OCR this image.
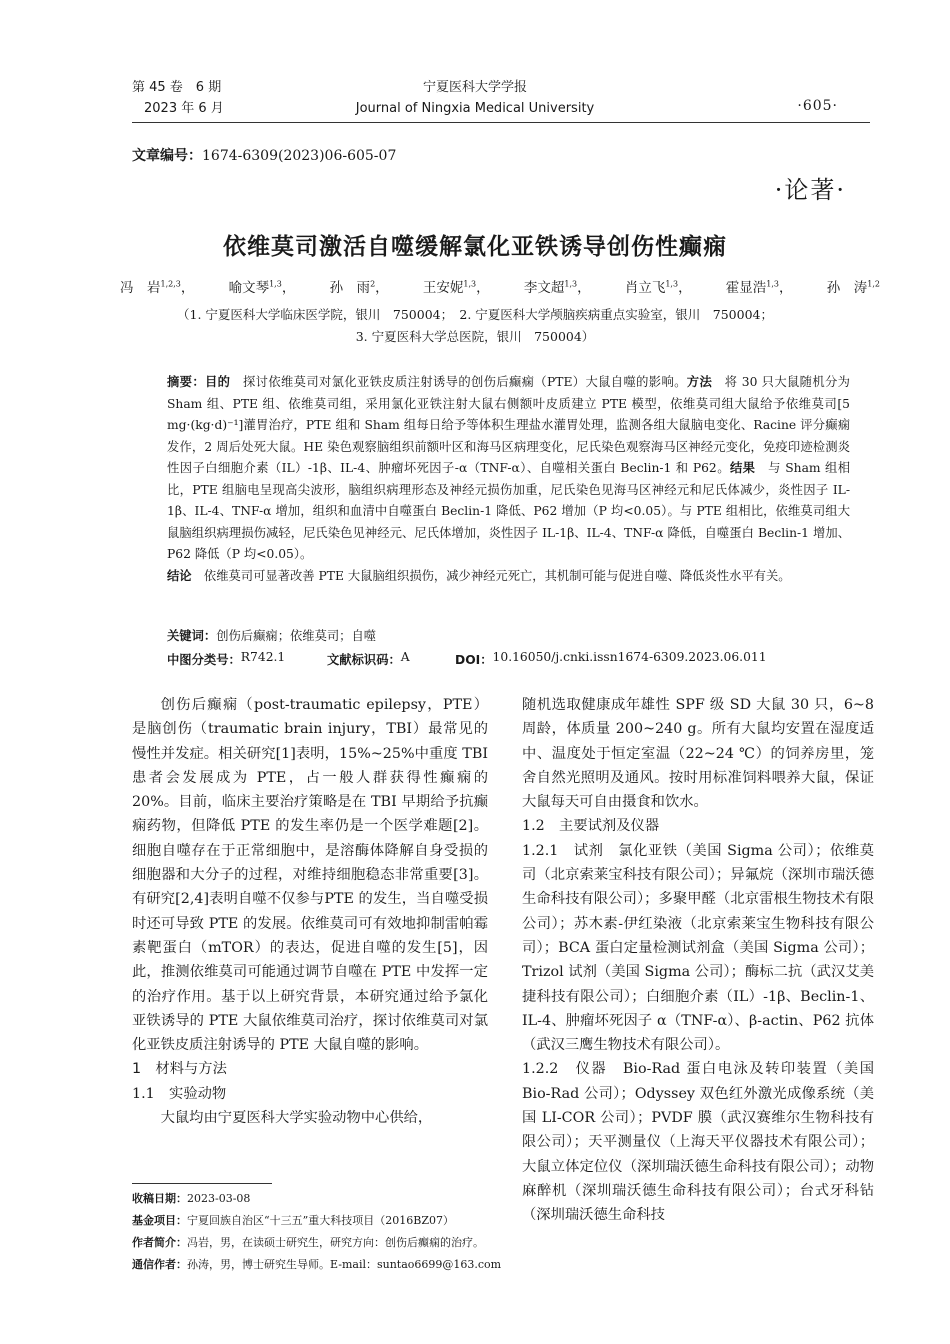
第 45 卷　6 期
2023 年 6 月
宁夏医科大学学报
Journal of Ningxia Medical University	·605·
文章编号：1674-6309(2023)06-605-07
·论著·
依维莫司激活自噬缓解氯化亚铁诱导创伤性癫痫
冯　岩$^{1,2,3}$，	喻文琴$^{1,3}$，	孙　雨$^2$，	王安妮$^{1,3}$，	李文超$^{1,3}$，	肖立飞$^{1,3}$，	霍显浩$^{1,3}$，	孙　涛$^{1,2}$
（1. 宁夏医科大学临床医学院，银川　750004；　2. 宁夏医科大学颅脑疾病重点实验室，银川　750004；
3. 宁夏医科大学总医院，银川　750004）

摘要：目的　探讨依维莫司对氯化亚铁皮质注射诱导的创伤后癫痫（PTE）大鼠自噬的影响。方法　将 30 只大鼠随机分为 Sham 组、PTE 组、依维莫司组，采用氯化亚铁注射大鼠右侧额叶皮质建立 PTE 模型，依维莫司组大鼠给予依维莫司[5 mg·(kg·d)⁻¹]灌胃治疗，PTE 组和 Sham 组每日给予等体积生理盐水灌胃处理，监测各组大鼠脑电变化、Racine 评分癫痫发作，2 周后处死大鼠。HE 染色观察脑组织前额叶区和海马区病理变化，尼氏染色观察海马区神经元变化，免疫印迹检测炎性因子白细胞介素（IL）-1β、IL-4、肿瘤坏死因子-α（TNF-α）、自噬相关蛋白 Beclin-1 和 P62。结果　与 Sham 组相比，PTE 组脑电呈现高尖波形，脑组织病理形态及神经元损伤加重，尼氏染色见海马区神经元和尼氏体减少，炎性因子 IL-1β、IL-4、TNF-α 增加，组织和血清中自噬蛋白 Beclin-1 降低、P62 增加（P 均<0.05）。与 PTE 组相比，依维莫司组大鼠脑组织病理损伤减轻，尼氏染色见神经元、尼氏体增加，炎性因子 IL-1β、IL-4、TNF-α 降低，自噬蛋白 Beclin-1 增加、P62 降低（P 均<0.05）。

结论　依维莫司可显著改善 PTE 大鼠脑组织损伤，减少神经元死亡，其机制可能与促进自噬、降低炎性水平有关。

关键词：创伤后癫痫；依维莫司；自噬
中图分类号： R742.1	文献标识码： A	DOI： 10.16050/j.cnki.issn1674-6309.2023.06.011

创伤后癫痫（post-traumatic epilepsy，PTE）是脑创伤（traumatic brain injury，TBI）最常见的慢性并发症。相关研究[1]表明，15%~25%中重度 TBI 患者会发展成为 PTE，占一般人群获得性癫痫的 20%。目前，临床主要治疗策略是在 TBI 早期给予抗癫痫药物，但降低 PTE 的发生率仍是一个医学难题[2]。细胞自噬存在于正常细胞中，是溶酶体降解自身受损的细胞器和大分子的过程，对维持细胞稳态非常重要[3]。有研究[2,4]表明自噬不仅参与PTE 的发生，当自噬受损时还可导致 PTE 的发展。依维莫司可有效地抑制雷帕霉素靶蛋白（mTOR）的表达，促进自噬的发生[5]，因此，推测依维莫司可能通过调节自噬在 PTE 中发挥一定的治疗作用。基于以上研究背景，本研究通过给予氯化亚铁诱导的 PTE 大鼠依维莫司治疗，探讨依维莫司对氯化亚铁皮质注射诱导的 PTE 大鼠自噬的影响。

1　材料与方法

1.1　实验动物

大鼠均由宁夏医科大学实验动物中心供给，

随机选取健康成年雄性 SPF 级 SD 大鼠 30 只，6~8 周龄，体质量 200~240 g。所有大鼠均安置在湿度适中、温度处于恒定室温（22~24 ℃）的饲养房里，笼舍自然光照明及通风。按时用标准饲料喂养大鼠，保证大鼠每天可自由摄食和饮水。

1.2　主要试剂及仪器

1.2.1　试剂　氯化亚铁（美国 Sigma 公司）；依维莫司（北京索莱宝科技有限公司）；异氟烷（深圳市瑞沃德生命科技有限公司）；多聚甲醛（北京雷根生物技术有限公司）；苏木素-伊红染液（北京索莱宝生物科技有限公司）；BCA 蛋白定量检测试剂盒（美国 Sigma 公司）；Trizol 试剂（美国 Sigma 公司）；酶标二抗（武汉艾美捷科技有限公司）；白细胞介素（IL）-1β、Beclin-1、IL-4、肿瘤坏死因子 α（TNF-α）、β-actin、P62 抗体（武汉三鹰生物技术有限公司）。

1.2.2　仪器　Bio-Rad 蛋白电泳及转印装置（美国 Bio-Rad 公司）；Odyssey 双色红外激光成像系统（美国 LI-COR 公司）；PVDF 膜（武汉赛维尔生物科技有限公司）；天平测量仪（上海天平仪器技术有限公司）；大鼠立体定位仪（深圳瑞沃德生命科技有限公司）；动物麻醉机（深圳瑞沃德生命科技有限公司）；台式牙科钻（深圳瑞沃德生命科技

收稿日期：2023-03-08
基金项目：宁夏回族自治区“十三五”重大科技项目（2016BZ07）
作者简介：冯岩，男，在读硕士研究生，研究方向：创伤后癫痫的治疗。
通信作者：孙涛，男，博士研究生导师。E-mail：suntao6699@163.com
